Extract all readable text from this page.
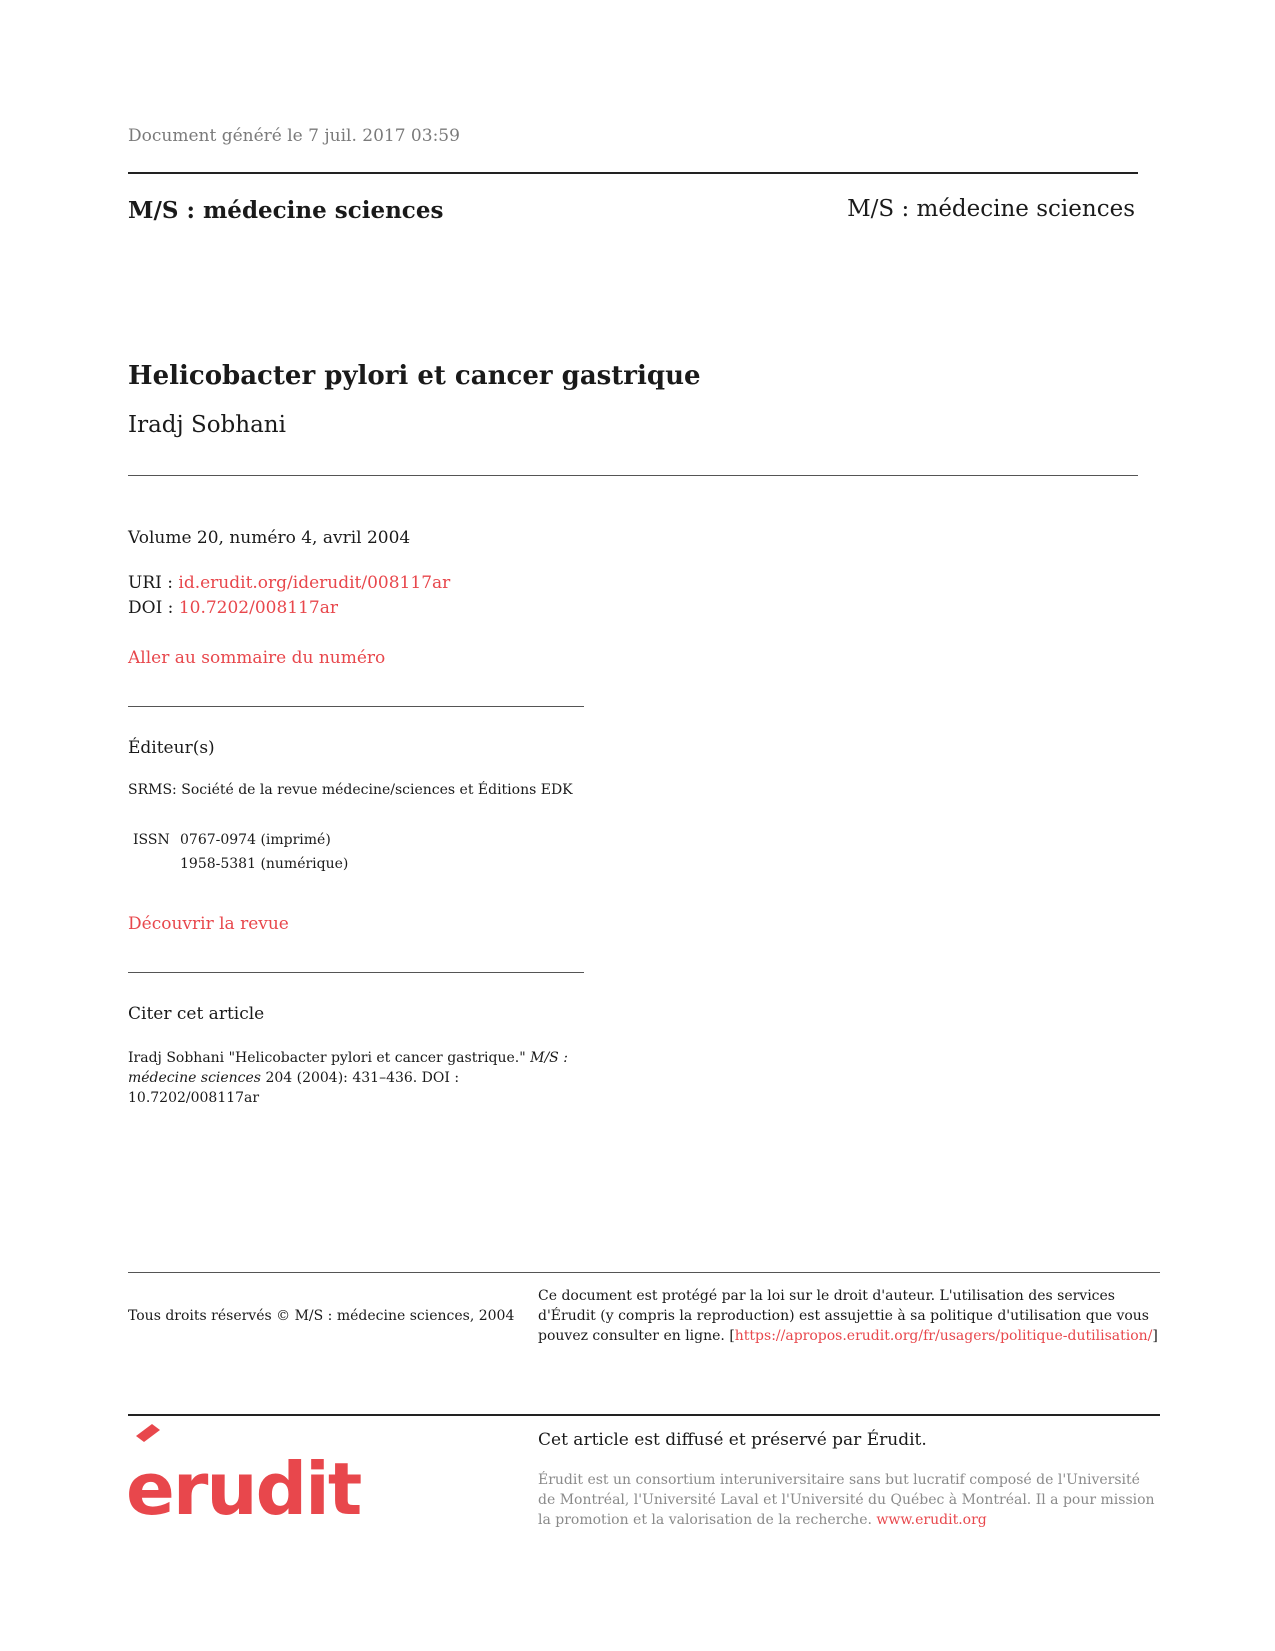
Document généré le 7 juil. 2017 03:59
M/S : médecine sciences	M/S : médecine sciences
Helicobacter pylori et cancer gastrique
Iradj Sobhani
Volume 20, numéro 4, avril 2004
URI : id.erudit.org/iderudit/008117ar
DOI : 10.7202/008117ar
Aller au sommaire du numéro
Éditeur(s)
SRMS: Société de la revue médecine/sciences et Éditions EDK
ISSN 0767-0974 (imprimé)
1958-5381 (numérique)
Découvrir la revue
Citer cet article
Iradj Sobhani "Helicobacter pylori et cancer gastrique." M/S : médecine sciences 204 (2004): 431–436. DOI : 10.7202/008117ar
Tous droits réservés © M/S : médecine sciences, 2004
Ce document est protégé par la loi sur le droit d'auteur. L'utilisation des services d'Érudit (y compris la reproduction) est assujettie à sa politique d'utilisation que vous pouvez consulter en ligne. [https://apropos.erudit.org/fr/usagers/politique-dutilisation/]
erudit
Cet article est diffusé et préservé par Érudit.
Érudit est un consortium interuniversitaire sans but lucratif composé de l'Université de Montréal, l'Université Laval et l'Université du Québec à Montréal. Il a pour mission la promotion et la valorisation de la recherche. www.erudit.org
